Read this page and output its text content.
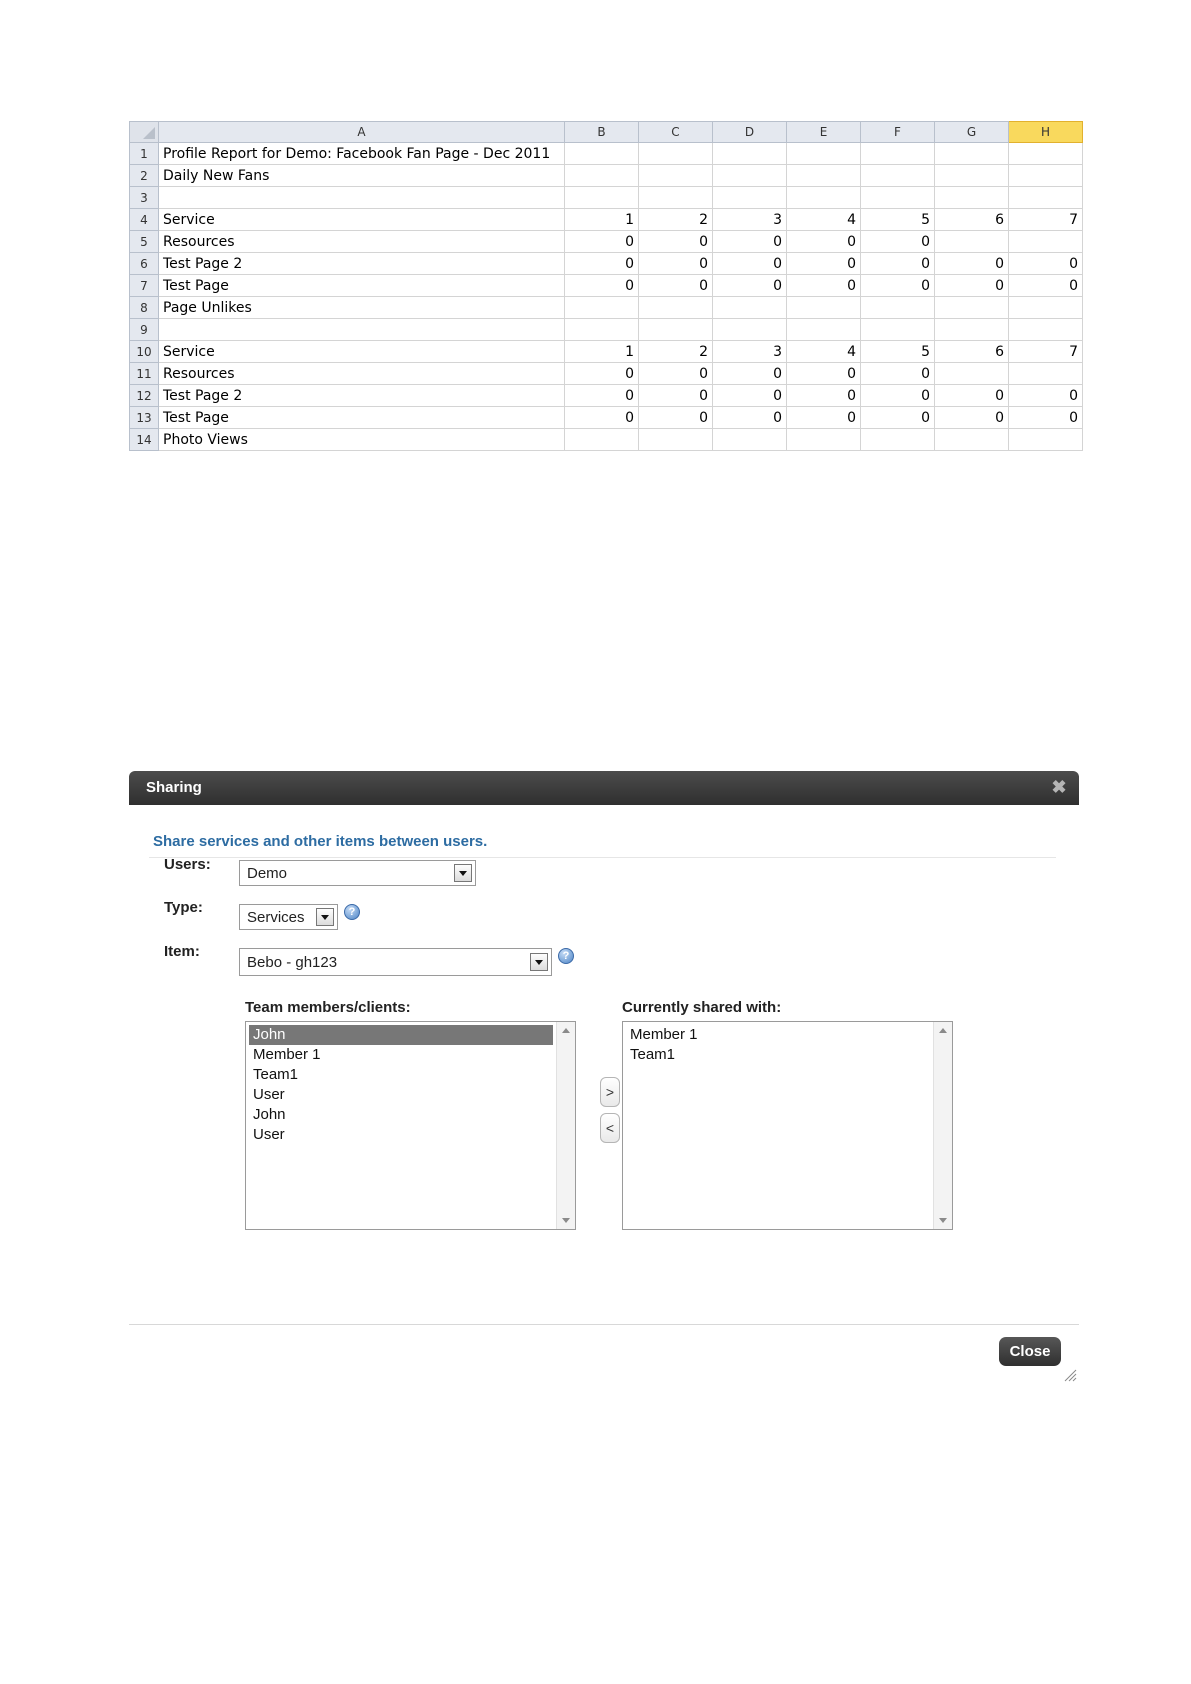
	A	B	C	D	E	F	G	H
1	Profile Report for Demo: Facebook Fan Page - Dec 2011							
2	Daily New Fans							
3								
4	Service	1	2	3	4	5	6	7
5	Resources	0	0	0	0	0		
6	Test Page 2	0	0	0	0	0	0	0
7	Test Page	0	0	0	0	0	0	0
8	Page Unlikes							
9								
10	Service	1	2	3	4	5	6	7
11	Resources	0	0	0	0	0		
12	Test Page 2	0	0	0	0	0	0	0
13	Test Page	0	0	0	0	0	0	0
14	Photo Views							
Sharing	✖
Share services and other items between users.
Users:
Demo
Type:
Services	?
Item:
Bebo - gh123	?
Team members/clients:
John
Member 1
Team1
User
John
User
>
<
Currently shared with:
Member 1
Team1
Close
